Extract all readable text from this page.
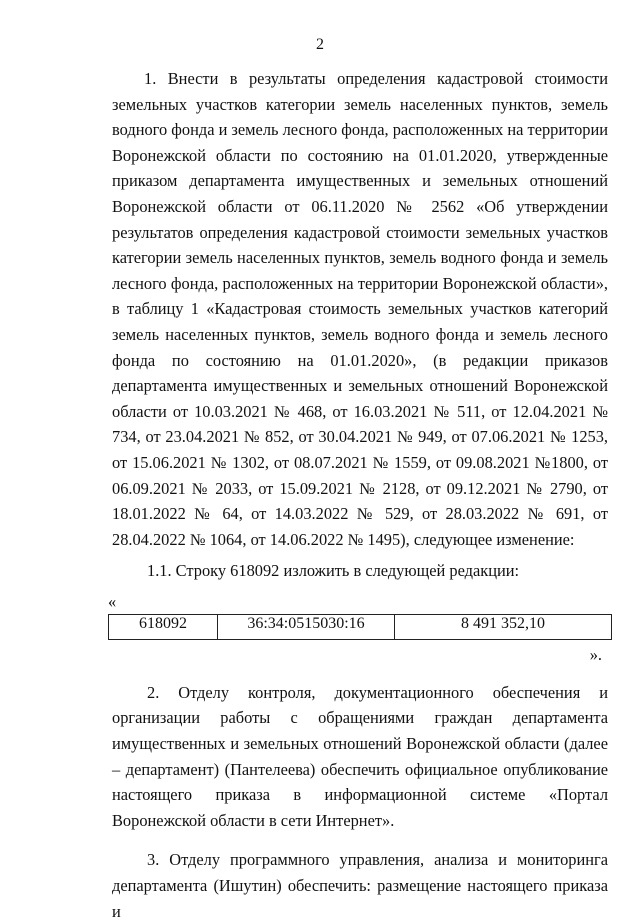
2

1. Внести в результаты определения кадастровой стоимости земельных участков категории земель населенных пунктов, земель водного фонда и земель лесного фонда, расположенных на территории Воронежской области по состоянию на 01.01.2020, утвержденные приказом департамента имущественных и земельных отношений Воронежской области от 06.11.2020 № 2562 «Об утверждении результатов определения кадастровой стоимости земельных участков категории земель населенных пунктов, земель водного фонда и земель лесного фонда, расположенных на территории Воронежской области», в таблицу 1 «Кадастровая стоимость земельных участков категорий земель населенных пунктов, земель водного фонда и земель лесного фонда по состоянию на 01.01.2020», (в редакции приказов департамента имущественных и земельных отношений Воронежской области от 10.03.2021 № 468, от 16.03.2021 № 511, от 12.04.2021 № 734, от 23.04.2021 № 852, от 30.04.2021 № 949, от 07.06.2021 № 1253, от 15.06.2021 № 1302, от 08.07.2021 № 1559, от 09.08.2021 №1800, от 06.09.2021 № 2033, от 15.09.2021 № 2128, от 09.12.2021 № 2790, от 18.01.2022 № 64, от 14.03.2022 № 529, от 28.03.2022 № 691, от 28.04.2022 № 1064, от 14.06.2022 № 1495), следующее изменение:

1.1. Строку 618092 изложить в следующей редакции:

«
618092	36:34:0515030:16	8 491 352,10
».

2. Отделу контроля, документационного обеспечения и организации работы с обращениями граждан департамента имущественных и земельных отношений Воронежской области (далее – департамент) (Пантелеева) обеспечить официальное опубликование настоящего приказа в информационной системе «Портал Воронежской области в сети Интернет».

3. Отделу программного управления, анализа и мониторинга департамента (Ишутин) обеспечить: размещение настоящего приказа и
